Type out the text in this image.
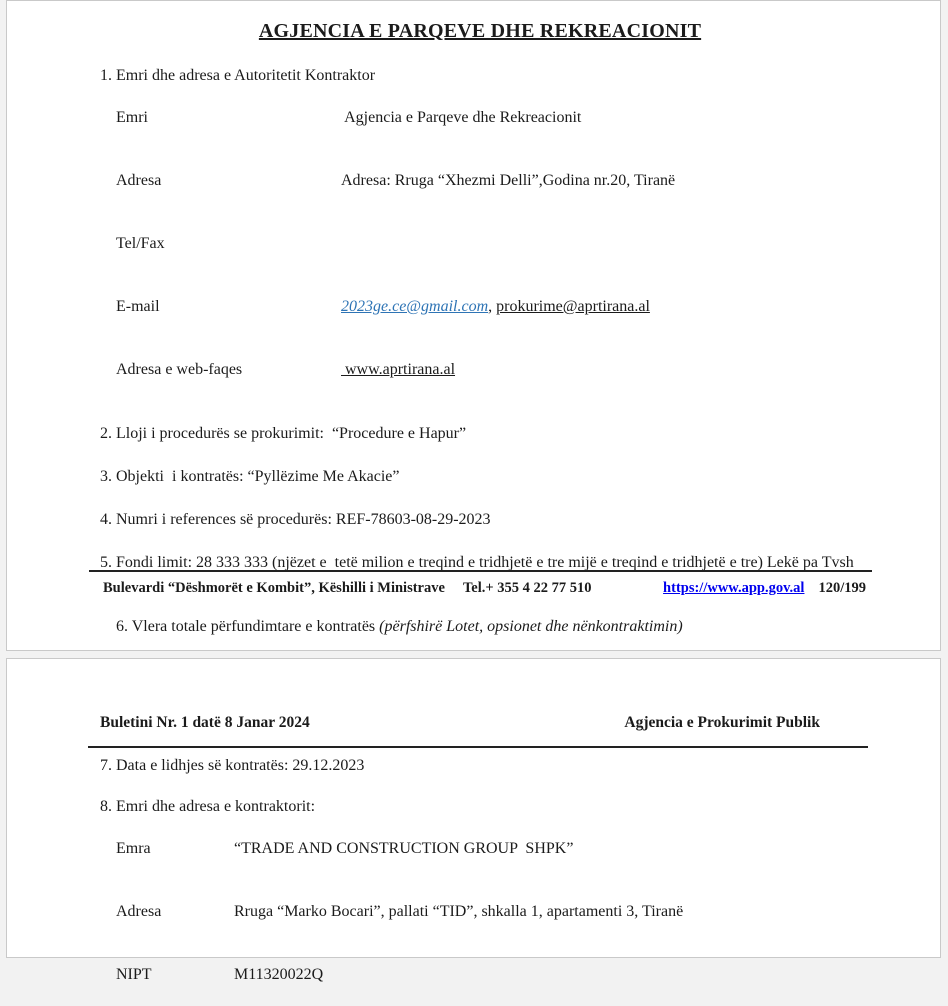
AGJENCIA E PARQEVE DHE REKREACIONIT
1. Emri dhe adresa e Autoritetit Kontraktor

Emri	Agjencia e Parqeve dhe Rekreacionit

Adresa	Adresa: Rruga “Xhezmi Delli”,Godina nr.20, Tiranë

Tel/Fax

E-mail	2023ge.ce@gmail.com, prokurime@aprtirana.al

Adresa e web-faqes	www.aprtirana.al

2. Lloji i procedurës se prokurimit:  “Procedure e Hapur”
3. Objekti  i kontratës: “Pyllëzime Me Akacie”
4. Numri i references së procedurës: REF-78603-08-29-2023
5. Fondi limit: 28 333 333 (njëzet e  tetë milion e treqind e tridhjetë e tre mijë e treqind e tridhjetë e tre) Lekë pa Tvsh

6. Vlera totale përfundimtare e kontratës (përfshirë Lotet, opsionet dhe nënkontraktimin)

Bulevardi “Dëshmorët e Kombit”, Këshilli i Ministrave Tel.+ 355 4 22 77 510	https://www.app.gov.al 120/199
Buletini Nr. 1 datë 8 Janar 2024	Agjencia e Prokurimit Publik
7. Data e lidhjes së kontratës: 29.12.2023
8. Emri dhe adresa e kontraktorit:

Emra	“TRADE AND CONSTRUCTION GROUP  SHPK”

Adresa	Rruga “Marko Bocari”, pallati “TID”, shkalla 1, apartamenti 3, Tiranë

NIPT	M11320022Q
